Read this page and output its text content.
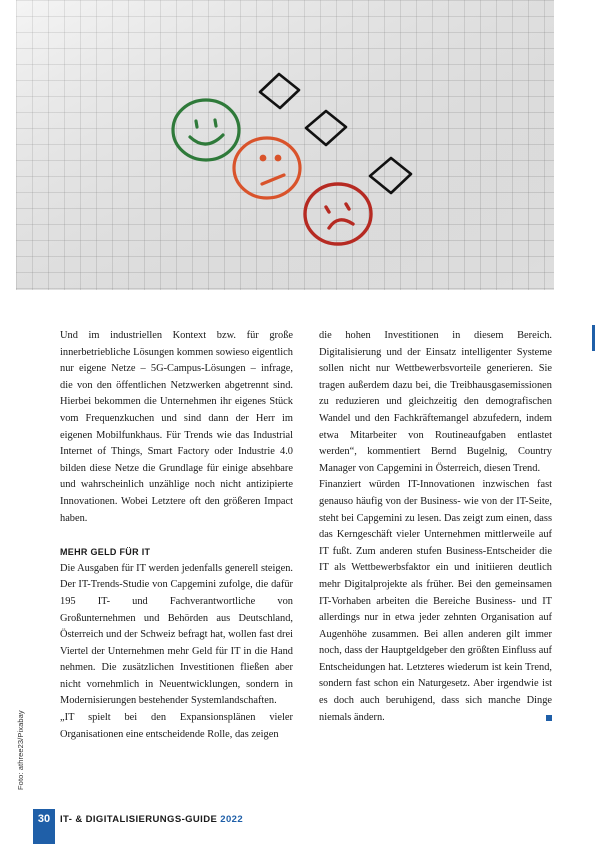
Foto: athree23/Pixabay

Und im industriellen Kontext bzw. für große innerbetriebliche Lösungen kommen sowieso eigentlich nur eigene Netze – 5G-Campus-Lösungen – infrage, die von den öffentlichen Netzwerken abgetrennt sind. Hierbei bekommen die Unternehmen ihr eigenes Stück vom Frequenzkuchen und sind dann der Herr im eigenen Mobilfunkhaus. Für Trends wie das Industrial Internet of Things, Smart Factory oder Industrie 4.0 bilden diese Netze die Grundlage für einige absehbare und wahrscheinlich unzählige noch nicht antizipierte Innovationen. Wobei Letztere oft den größeren Impact haben.

MEHR GELD FÜR IT

Die Ausgaben für IT werden jedenfalls generell steigen. Der IT-Trends-Studie von Capgemini zufolge, die dafür 195 IT- und Fachverantwortliche von Großunternehmen und Behörden aus Deutschland, Österreich und der Schweiz befragt hat, wollen fast drei Viertel der Unternehmen mehr Geld für IT in die Hand nehmen. Die zusätzlichen Investitionen fließen aber nicht vornehmlich in Neuentwicklungen, sondern in Modernisierungen bestehender Systemlandschaften.

„IT spielt bei den Expansionsplänen vieler Organisationen eine entscheidende Rolle, das zeigen

die hohen Investitionen in diesem Bereich. Digitalisierung und der Einsatz intelligenter Systeme sollen nicht nur Wettbewerbsvorteile generieren. Sie tragen außerdem dazu bei, die Treibhausgasemissionen zu reduzieren und gleichzeitig den demografischen Wandel und den Fachkräftemangel abzufedern, indem etwa Mitarbeiter von Routineaufgaben entlastet werden“, kommentiert Bernd Bugelnig, Country Manager von Capgemini in Österreich, diesen Trend.

Finanziert würden IT-Innovationen inzwischen fast genauso häufig von der Business- wie von der IT-Seite, steht bei Capgemini zu lesen. Das zeigt zum einen, dass das Kerngeschäft vieler Unternehmen mittlerweile auf IT fußt. Zum anderen stufen Business-Entscheider die IT als Wettbewerbsfaktor ein und initiieren deutlich mehr Digitalprojekte als früher. Bei den gemeinsamen IT-Vorhaben arbeiten die Bereiche Business- und IT allerdings nur in etwa jeder zehnten Organisation auf Augenhöhe zusammen. Bei allen anderen gilt immer noch, dass der Hauptgeldgeber den größten Einfluss auf Entscheidungen hat. Letzteres wiederum ist kein Trend, sondern fast schon ein Naturgesetz. Aber irgendwie ist es doch auch beruhigend, dass sich manche Dinge niemals ändern.

30	IT- & DIGITALISIERUNGS-GUIDE 2022
